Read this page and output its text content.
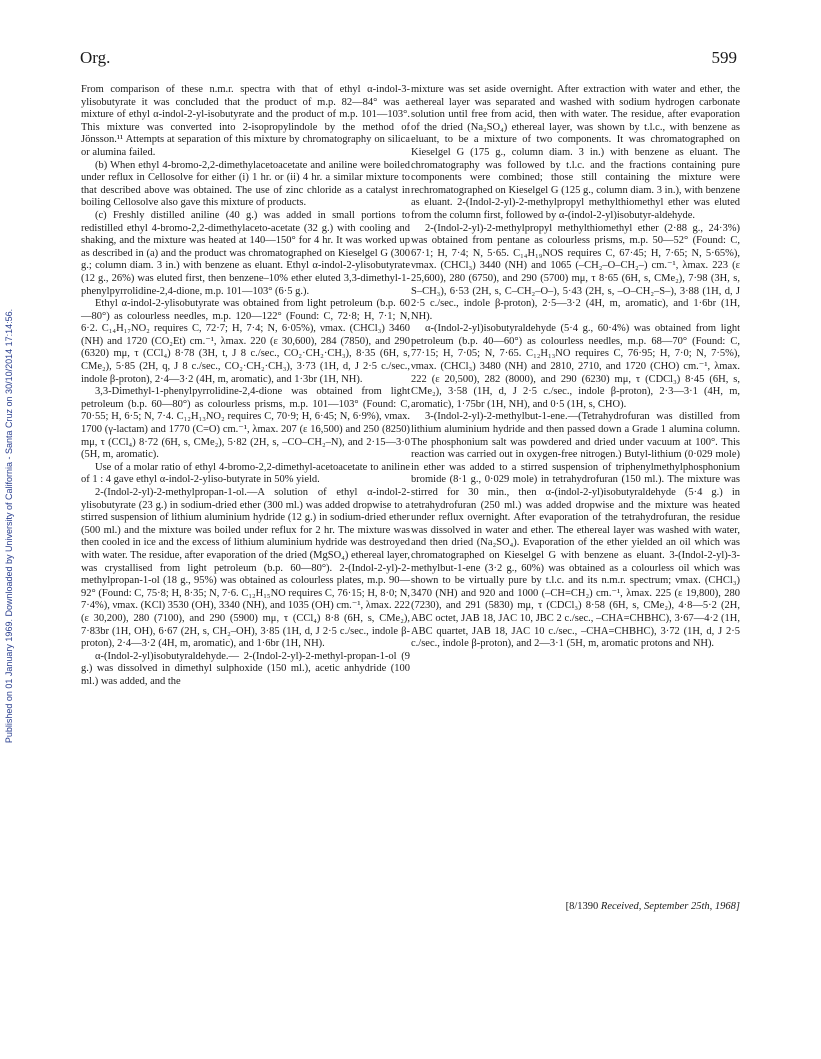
Org.	599
Published on 01 January 1969. Downloaded by University of California - Santa Cruz on 30/10/2014 17:14:56.

From comparison of these n.m.r. spectra with that of ethyl α-indol-3-ylisobutyrate it was concluded that the product of m.p. 82—84° was a mixture of ethyl α-indol-2-yl-isobutyrate and the product of m.p. 101—103°. This mixture was converted into 2-isopropylindole by the method of Jönsson.¹¹ Attempts at separation of this mixture by chromatography on silica or alumina failed.

(b) When ethyl 4-bromo-2,2-dimethylacetoacetate and aniline were boiled under reflux in Cellosolve for either (i) 1 hr. or (ii) 4 hr. a similar mixture to that described above was obtained. The use of zinc chloride as a catalyst in boiling Cellosolve also gave this mixture of products.

(c) Freshly distilled aniline (40 g.) was added in small portions to redistilled ethyl 4-bromo-2,2-dimethylaceto-acetate (32 g.) with cooling and shaking, and the mixture was heated at 140—150° for 4 hr. It was worked up as described in (a) and the product was chromatographed on Kieselgel G (300 g.; column diam. 3 in.) with benzene as eluant. Ethyl α-indol-2-ylisobutyrate (12 g., 26%) was eluted first, then benzene–10% ether eluted 3,3-dimethyl-1-phenylpyrrolidine-2,4-dione, m.p. 101—103° (6·5 g.).

Ethyl α-indol-2-ylisobutyrate was obtained from light petroleum (b.p. 60—80°) as colourless needles, m.p. 120—122° (Found: C, 72·8; H, 7·1; N, 6·2. C₁₄H₁₇NO₂ requires C, 72·7; H, 7·4; N, 6·05%), νmax. (CHCl₃) 3460 (NH) and 1720 (CO₂Et) cm.⁻¹, λmax. 220 (ε 30,600), 284 (7850), and 290 (6320) mμ, τ (CCl₄) 8·78 (3H, t, J 8 c./sec., CO₂·CH₂·CH₃), 8·35 (6H, s, CMe₂), 5·85 (2H, q, J 8 c./sec., CO₂·CH₂·CH₃), 3·73 (1H, d, J 2·5 c./sec., indole β-proton), 2·4—3·2 (4H, m, aromatic), and 1·3br (1H, NH).

3,3-Dimethyl-1-phenylpyrrolidine-2,4-dione was obtained from light petroleum (b.p. 60—80°) as colourless prisms, m.p. 101—103° (Found: C, 70·55; H, 6·5; N, 7·4. C₁₂H₁₃NO₂ requires C, 70·9; H, 6·45; N, 6·9%), νmax. 1700 (γ-lactam) and 1770 (C=O) cm.⁻¹, λmax. 207 (ε 16,500) and 250 (8250) mμ, τ (CCl₄) 8·72 (6H, s, CMe₂), 5·82 (2H, s, –CO–CH₂–N), and 2·15—3·0 (5H, m, aromatic).

Use of a molar ratio of ethyl 4-bromo-2,2-dimethyl-acetoacetate to aniline of 1 : 4 gave ethyl α-indol-2-yliso-butyrate in 50% yield.

2-(Indol-2-yl)-2-methylpropan-1-ol.—A solution of ethyl α-indol-2-ylisobutyrate (23 g.) in sodium-dried ether (300 ml.) was added dropwise to a stirred suspension of lithium aluminium hydride (12 g.) in sodium-dried ether (500 ml.) and the mixture was boiled under reflux for 2 hr. The mixture was then cooled in ice and the excess of lithium aluminium hydride was destroyed with water. The residue, after evaporation of the dried (MgSO₄) ethereal layer, was crystallised from light petroleum (b.p. 60—80°). 2-(Indol-2-yl)-2-methylpropan-1-ol (18 g., 95%) was obtained as colourless plates, m.p. 90—92° (Found: C, 75·8; H, 8·35; N, 7·6. C₁₂H₁₅NO requires C, 76·15; H, 8·0; N, 7·4%), νmax. (KCl) 3530 (OH), 3340 (NH), and 1035 (OH) cm.⁻¹, λmax. 222 (ε 30,200), 280 (7100), and 290 (5900) mμ, τ (CCl₄) 8·8 (6H, s, CMe₂), 7·83br (1H, OH), 6·67 (2H, s, CH₂–OH), 3·85 (1H, d, J 2·5 c./sec., indole β-proton), 2·4—3·2 (4H, m, aromatic), and 1·6br (1H, NH).

α-(Indol-2-yl)isobutyraldehyde.— 2-(Indol-2-yl)-2-methyl-propan-1-ol (9 g.) was dissolved in dimethyl sulphoxide (150 ml.), acetic anhydride (100 ml.) was added, and the

mixture was set aside overnight. After extraction with water and ether, the ethereal layer was separated and washed with sodium hydrogen carbonate solution until free from acid, then with water. The residue, after evaporation of the dried (Na₂SO₄) ethereal layer, was shown by t.l.c., with benzene as eluant, to be a mixture of two components. It was chromatographed on Kieselgel G (175 g., column diam. 3 in.) with benzene as eluant. The chromatography was followed by t.l.c. and the fractions containing pure components were combined; those still containing the mixture were rechromatographed on Kieselgel G (125 g., column diam. 3 in.), with benzene as eluant. 2-(Indol-2-yl)-2-methylpropyl methylthiomethyl ether was eluted from the column first, followed by α-(indol-2-yl)isobutyr-aldehyde.

2-(Indol-2-yl)-2-methylpropyl methylthiomethyl ether (2·88 g., 24·3%) was obtained from pentane as colourless prisms, m.p. 50—52° (Found: C, 67·1; H, 7·4; N, 5·65. C₁₄H₁₉NOS requires C, 67·45; H, 7·65; N, 5·65%), νmax. (CHCl₃) 3440 (NH) and 1065 (–CH₂–O–CH₂–) cm.⁻¹, λmax. 223 (ε 25,600), 280 (6750), and 290 (5700) mμ, τ 8·65 (6H, s, CMe₂), 7·98 (3H, s, S–CH₃), 6·53 (2H, s, C–CH₂–O–), 5·43 (2H, s, –O–CH₂–S–), 3·88 (1H, d, J 2·5 c./sec., indole β-proton), 2·5—3·2 (4H, m, aromatic), and 1·6br (1H, NH).

α-(Indol-2-yl)isobutyraldehyde (5·4 g., 60·4%) was obtained from light petroleum (b.p. 40—60°) as colourless needles, m.p. 68—70° (Found: C, 77·15; H, 7·05; N, 7·65. C₁₂H₁₃NO requires C, 76·95; H, 7·0; N, 7·5%), νmax. (CHCl₃) 3480 (NH) and 2810, 2710, and 1720 (CHO) cm.⁻¹, λmax. 222 (ε 20,500), 282 (8000), and 290 (6230) mμ, τ (CDCl₃) 8·45 (6H, s, CMe₂), 3·58 (1H, d, J 2·5 c./sec., indole β-proton), 2·3—3·1 (4H, m, aromatic), 1·75br (1H, NH), and 0·5 (1H, s, CHO).

3-(Indol-2-yl)-2-methylbut-1-ene.—(Tetrahydrofuran was distilled from lithium aluminium hydride and then passed down a Grade 1 alumina column. The phosphonium salt was powdered and dried under vacuum at 100°. This reaction was carried out in oxygen-free nitrogen.) Butyl-lithium (0·029 mole) in ether was added to a stirred suspension of triphenylmethylphosphonium bromide (8·1 g., 0·029 mole) in tetrahydrofuran (150 ml.). The mixture was stirred for 30 min., then α-(indol-2-yl)isobutyraldehyde (5·4 g.) in tetrahydrofuran (250 ml.) was added dropwise and the mixture was heated under reflux overnight. After evaporation of the tetrahydrofuran, the residue was dissolved in water and ether. The ethereal layer was washed with water, and then dried (Na₂SO₄). Evaporation of the ether yielded an oil which was chromatographed on Kieselgel G with benzene as eluant. 3-(Indol-2-yl)-3-methylbut-1-ene (3·2 g., 60%) was obtained as a colourless oil which was shown to be virtually pure by t.l.c. and its n.m.r. spectrum; νmax. (CHCl₃) 3470 (NH) and 920 and 1000 (–CH=CH₂) cm.⁻¹, λmax. 225 (ε 19,800), 280 (7230), and 291 (5830) mμ, τ (CDCl₃) 8·58 (6H, s, CMe₂), 4·8—5·2 (2H, ABC octet, JAB 18, JAC 10, JBC 2 c./sec., –CHA=CHBHC), 3·67—4·2 (1H, ABC quartet, JAB 18, JAC 10 c./sec., –CHA=CHBHC), 3·72 (1H, d, J 2·5 c./sec., indole β-proton), and 2—3·1 (5H, m, aromatic protons and NH).

[8/1390 Received, September 25th, 1968]
